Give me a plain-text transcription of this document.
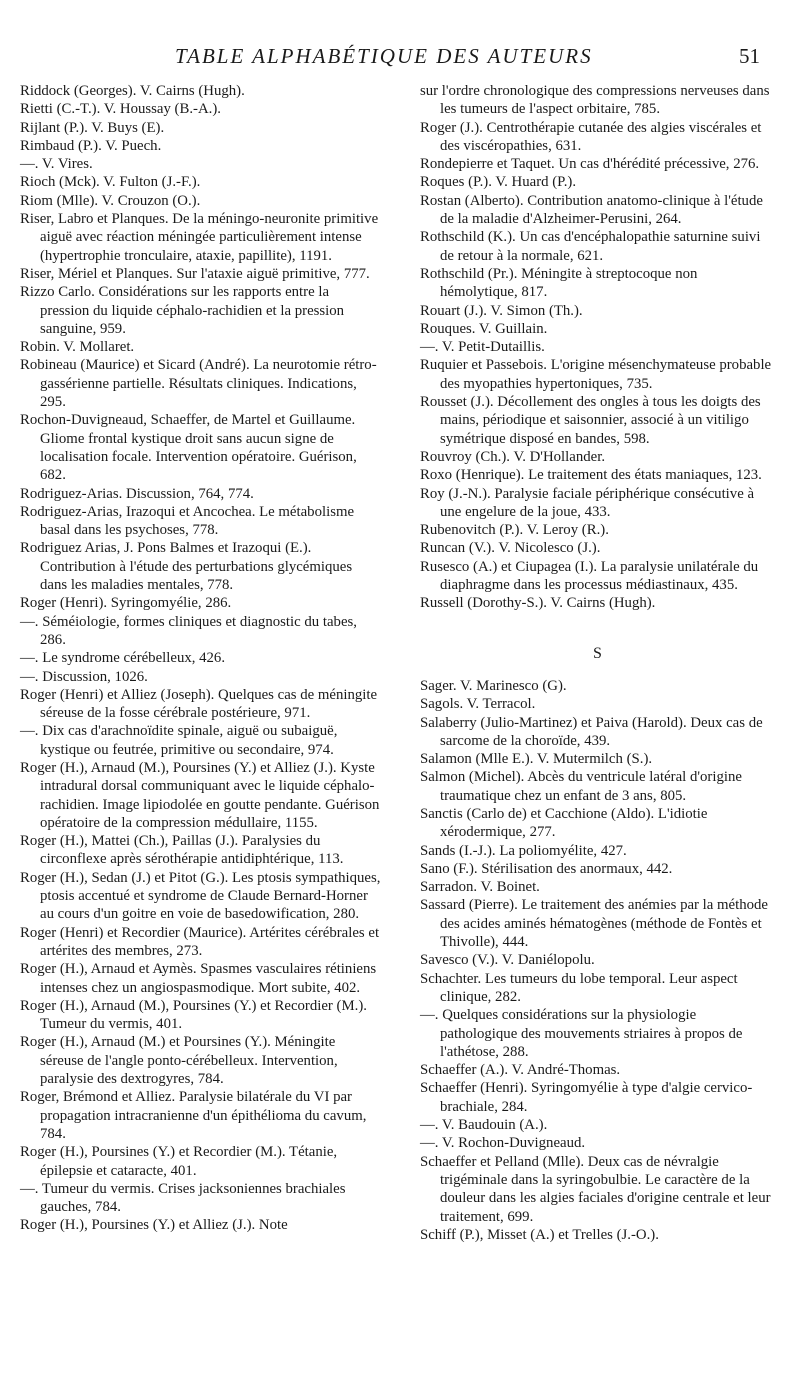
TABLE ALPHABÉTIQUE DES AUTEURS	51

Riddock (Georges). V. Cairns (Hugh).

Rietti (C.-T.). V. Houssay (B.-A.).

Rijlant (P.). V. Buys (E).

Rimbaud (P.). V. Puech.

—. V. Vires.

Rioch (Mck). V. Fulton (J.-F.).

Riom (Mlle). V. Crouzon (O.).

Riser, Labro et Planques. De la méningo-neuronite primitive aiguë avec réaction méningée particulièrement intense (hypertrophie tronculaire, ataxie, papillite), 1191.

Riser, Mériel et Planques. Sur l'ataxie aiguë primitive, 777.

Rizzo Carlo. Considérations sur les rapports entre la pression du liquide céphalo-rachidien et la pression sanguine, 959.

Robin. V. Mollaret.

Robineau (Maurice) et Sicard (André). La neurotomie rétro-gassérienne partielle. Résultats cliniques. Indications, 295.

Rochon-Duvigneaud, Schaeffer, de Martel et Guillaume. Gliome frontal kystique droit sans aucun signe de localisation focale. Intervention opératoire. Guérison, 682.

Rodriguez-Arias. Discussion, 764, 774.

Rodriguez-Arias, Irazoqui et Ancochea. Le métabolisme basal dans les psychoses, 778.

Rodriguez Arias, J. Pons Balmes et Irazoqui (E.). Contribution à l'étude des perturbations glycémiques dans les maladies mentales, 778.

Roger (Henri). Syringomyélie, 286.

—. Séméiologie, formes cliniques et diagnostic du tabes, 286.

—. Le syndrome cérébelleux, 426.

—. Discussion, 1026.

Roger (Henri) et Alliez (Joseph). Quelques cas de méningite séreuse de la fosse cérébrale postérieure, 971.

—. Dix cas d'arachnoïdite spinale, aiguë ou subaiguë, kystique ou feutrée, primitive ou secondaire, 974.

Roger (H.), Arnaud (M.), Poursines (Y.) et Alliez (J.). Kyste intradural dorsal communiquant avec le liquide céphalo-rachidien. Image lipiodolée en goutte pendante. Guérison opératoire de la compression médullaire, 1155.

Roger (H.), Mattei (Ch.), Paillas (J.). Paralysies du circonflexe après sérothérapie antidiphtérique, 113.

Roger (H.), Sedan (J.) et Pitot (G.). Les ptosis sympathiques, ptosis accentué et syndrome de Claude Bernard-Horner au cours d'un goitre en voie de basedowification, 280.

Roger (Henri) et Recordier (Maurice). Artérites cérébrales et artérites des membres, 273.

Roger (H.), Arnaud et Aymès. Spasmes vasculaires rétiniens intenses chez un angiospasmodique. Mort subite, 402.

Roger (H.), Arnaud (M.), Poursines (Y.) et Recordier (M.). Tumeur du vermis, 401.

Roger (H.), Arnaud (M.) et Poursines (Y.). Méningite séreuse de l'angle ponto-cérébelleux. Intervention, paralysie des dextrogyres, 784.

Roger, Brémond et Alliez. Paralysie bilatérale du VI par propagation intracranienne d'un épithélioma du cavum, 784.

Roger (H.), Poursines (Y.) et Recordier (M.). Tétanie, épilepsie et cataracte, 401.

—. Tumeur du vermis. Crises jacksoniennes brachiales gauches, 784.

Roger (H.), Poursines (Y.) et Alliez (J.). Note

sur l'ordre chronologique des compressions nerveuses dans les tumeurs de l'aspect orbitaire, 785.

Roger (J.). Centrothérapie cutanée des algies viscérales et des viscéropathies, 631.

Rondepierre et Taquet. Un cas d'hérédité précessive, 276.

Roques (P.). V. Huard (P.).

Rostan (Alberto). Contribution anatomo-clinique à l'étude de la maladie d'Alzheimer-Perusini, 264.

Rothschild (K.). Un cas d'encéphalopathie saturnine suivi de retour à la normale, 621.

Rothschild (Pr.). Méningite à streptocoque non hémolytique, 817.

Rouart (J.). V. Simon (Th.).

Rouques. V. Guillain.

—. V. Petit-Dutaillis.

Ruquier et Passebois. L'origine mésenchymateuse probable des myopathies hypertoniques, 735.

Rousset (J.). Décollement des ongles à tous les doigts des mains, périodique et saisonnier, associé à un vitiligo symétrique disposé en bandes, 598.

Rouvroy (Ch.). V. D'Hollander.

Roxo (Henrique). Le traitement des états maniaques, 123.

Roy (J.-N.). Paralysie faciale périphérique consécutive à une engelure de la joue, 433.

Rubenovitch (P.). V. Leroy (R.).

Runcan (V.). V. Nicolesco (J.).

Rusesco (A.) et Ciupagea (I.). La paralysie unilatérale du diaphragme dans les processus médiastinaux, 435.

Russell (Dorothy-S.). V. Cairns (Hugh).

S

Sager. V. Marinesco (G).

Sagols. V. Terracol.

Salaberry (Julio-Martinez) et Paiva (Harold). Deux cas de sarcome de la choroïde, 439.

Salamon (Mlle E.). V. Mutermilch (S.).

Salmon (Michel). Abcès du ventricule latéral d'origine traumatique chez un enfant de 3 ans, 805.

Sanctis (Carlo de) et Cacchione (Aldo). L'idiotie xérodermique, 277.

Sands (I.-J.). La poliomyélite, 427.

Sano (F.). Stérilisation des anormaux, 442.

Sarradon. V. Boinet.

Sassard (Pierre). Le traitement des anémies par la méthode des acides aminés hématogènes (méthode de Fontès et Thivolle), 444.

Savesco (V.). V. Daniélopolu.

Schachter. Les tumeurs du lobe temporal. Leur aspect clinique, 282.

—. Quelques considérations sur la physiologie pathologique des mouvements striaires à propos de l'athétose, 288.

Schaeffer (A.). V. André-Thomas.

Schaeffer (Henri). Syringomyélie à type d'algie cervico-brachiale, 284.

—. V. Baudouin (A.).

—. V. Rochon-Duvigneaud.

Schaeffer et Pelland (Mlle). Deux cas de névralgie trigéminale dans la syringobulbie. Le caractère de la douleur dans les algies faciales d'origine centrale et leur traitement, 699.

Schiff (P.), Misset (A.) et Trelles (J.-O.).
